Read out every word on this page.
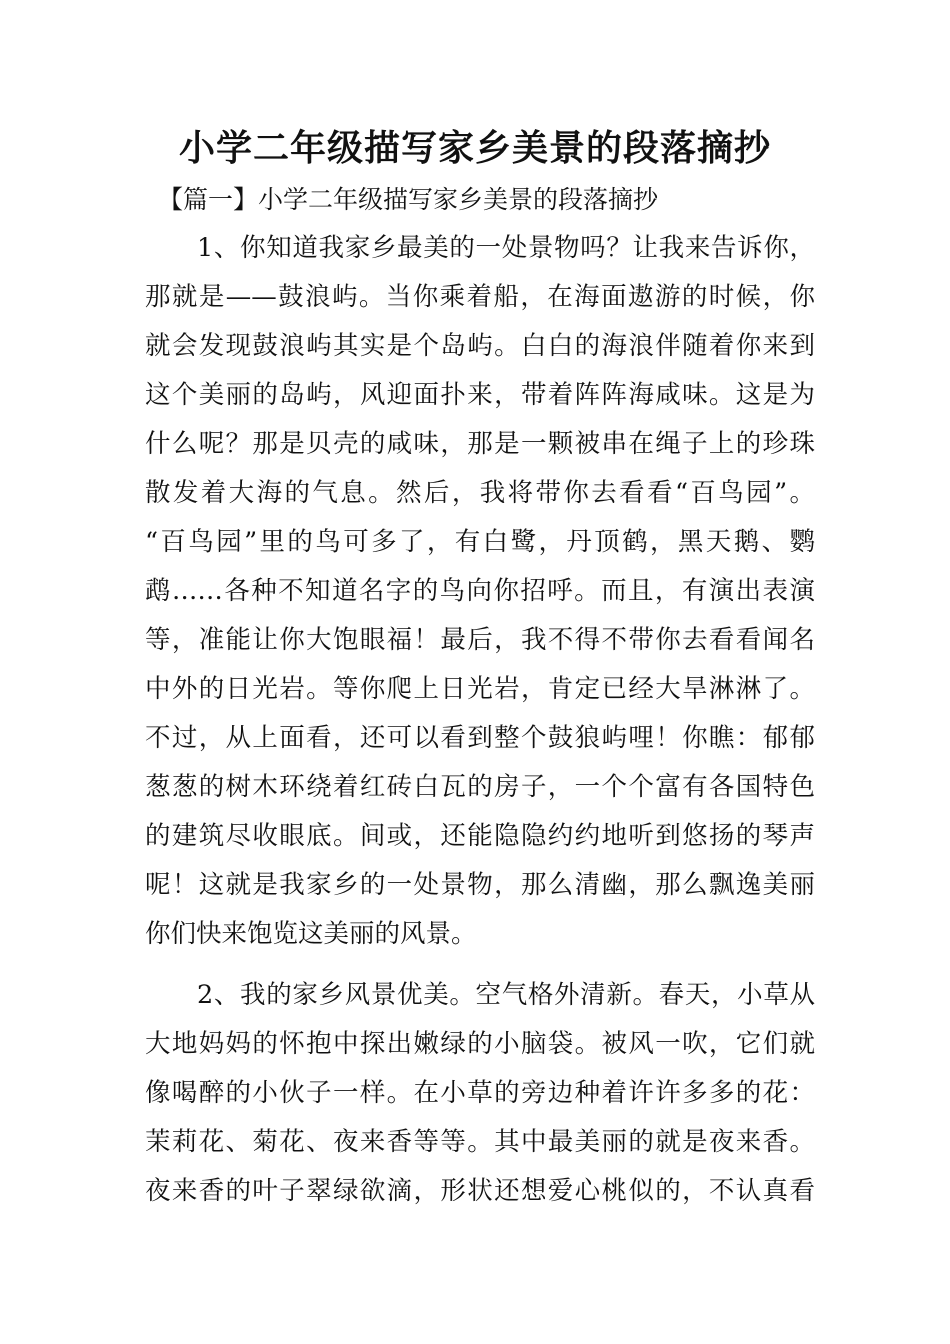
小学二年级描写家乡美景的段落摘抄

【篇一】小学二年级描写家乡美景的段落摘抄

1、你知道我家乡最美的一处景物吗？让我来告诉你，
那就是——鼓浪屿。当你乘着船，在海面遨游的时候，你
就会发现鼓浪屿其实是个岛屿。白白的海浪伴随着你来到
这个美丽的岛屿，风迎面扑来，带着阵阵海咸味。这是为
什么呢？那是贝壳的咸味，那是一颗被串在绳子上的珍珠
散发着大海的气息。然后，我将带你去看看“百鸟园”。
“百鸟园”里的鸟可多了，有白鹭，丹顶鹤，黑天鹅、鹦
鹉……各种不知道名字的鸟向你招呼。而且，有演出表演
等，准能让你大饱眼福！最后，我不得不带你去看看闻名
中外的日光岩。等你爬上日光岩，肯定已经大旱淋淋了。
不过，从上面看，还可以看到整个鼓狼屿哩！你瞧：郁郁
葱葱的树木环绕着红砖白瓦的房子，一个个富有各国特色
的建筑尽收眼底。间或，还能隐隐约约地听到悠扬的琴声
呢！这就是我家乡的一处景物，那么清幽，那么飘逸美丽
你们快来饱览这美丽的风景。
2、我的家乡风景优美。空气格外清新。春天，小草从
大地妈妈的怀抱中探出嫩绿的小脑袋。被风一吹，它们就
像喝醉的小伙子一样。在小草的旁边种着许许多多的花：
茉莉花、菊花、夜来香等等。其中最美丽的就是夜来香。
夜来香的叶子翠绿欲滴，形状还想爱心桃似的，不认真看
